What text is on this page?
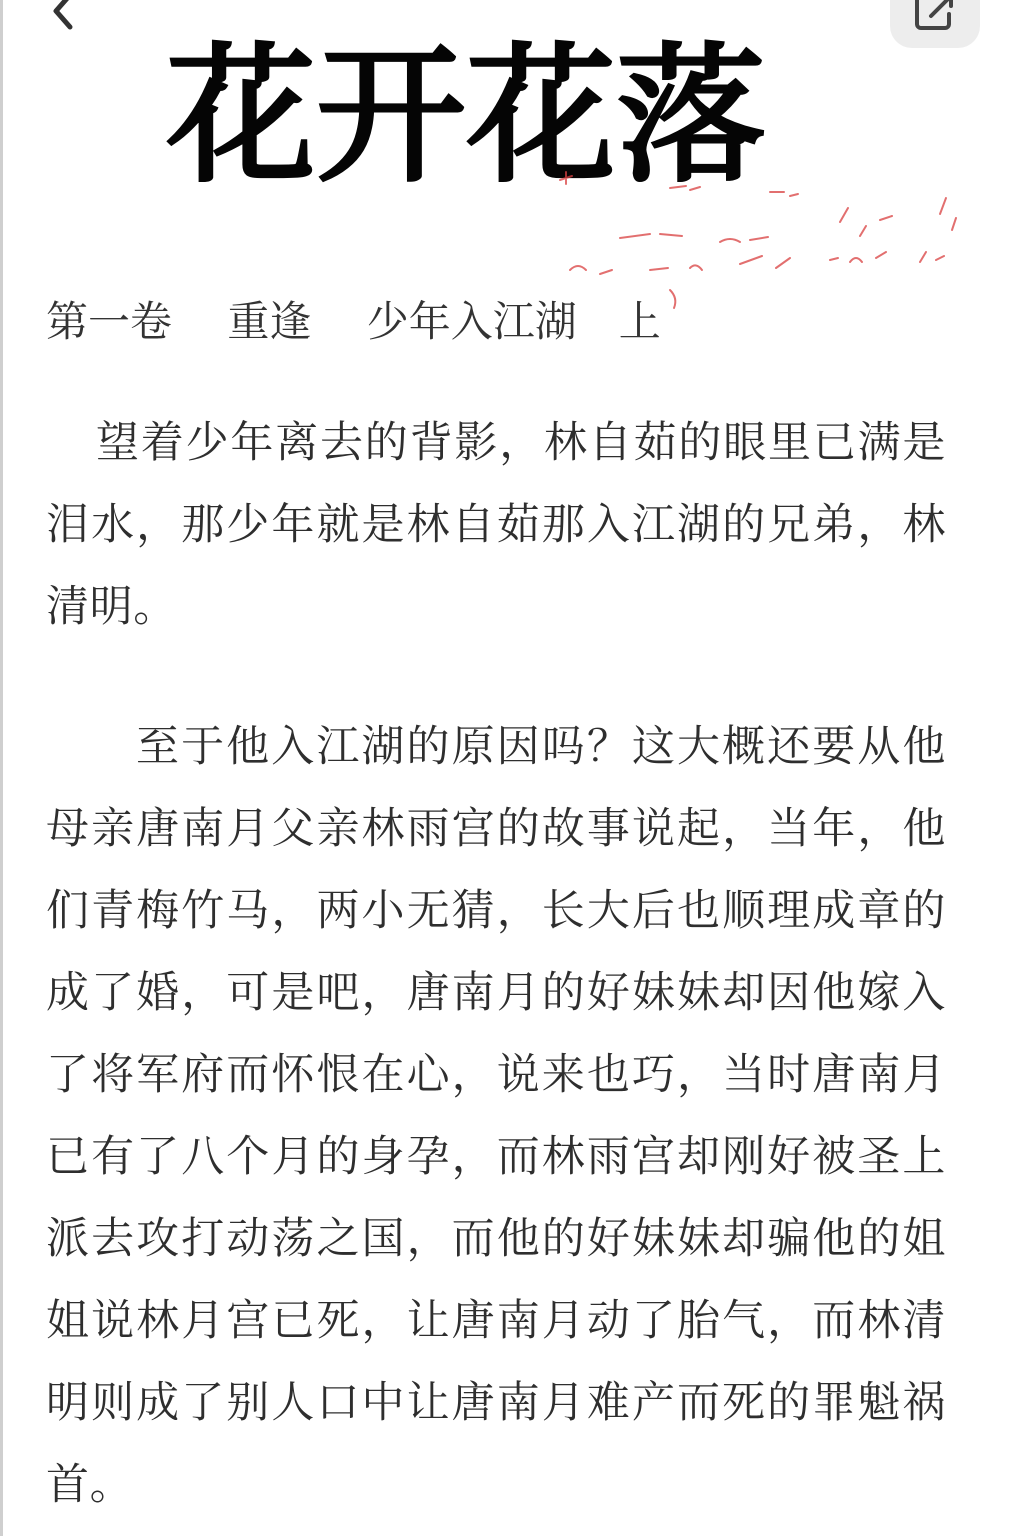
花开花落
第一卷　 重逢　 少年入江湖　上

望着少年离去的背影，林自茹的眼里已满是泪水，那少年就是林自茹那入江湖的兄弟，林清明。

至于他入江湖的原因吗？这大概还要从他母亲唐南月父亲林雨宫的故事说起，当年，他们青梅竹马，两小无猜，长大后也顺理成章的成了婚，可是吧，唐南月的好妹妹却因他嫁入了将军府而怀恨在心，说来也巧，当时唐南月已有了八个月的身孕，而林雨宫却刚好被圣上派去攻打动荡之国，而他的好妹妹却骗他的姐姐说林月宫已死，让唐南月动了胎气，而林清明则成了别人口中让唐南月难产而死的罪魁祸首。
